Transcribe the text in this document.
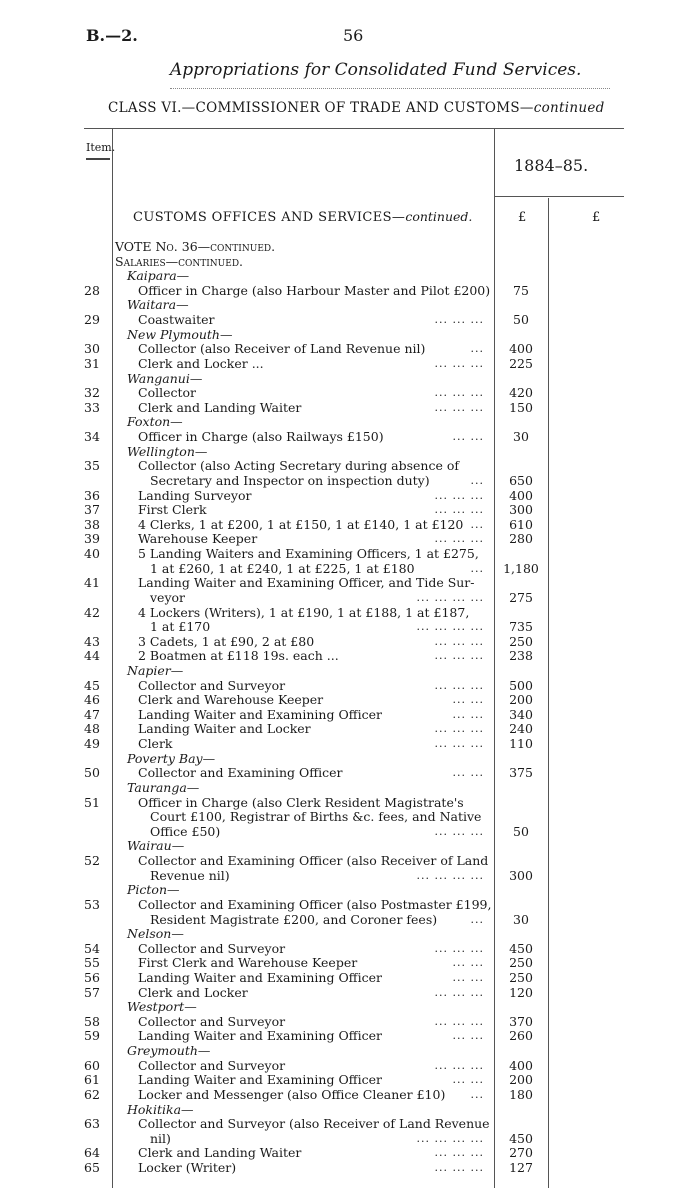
B.—2.	56
Appropriations for Consolidated Fund Services.
CLASS VI.—COMMISSIONER OF TRADE AND CUSTOMS—continued
Item.
1884–85.
CUSTOMS OFFICES AND SERVICES—continued.	£	£
VOTE No. 36—continued.
Salaries—continued.
Kaipara—
28	Officer in Charge (also Harbour Master and Pilot £200)	75
Waitara—
29	Coastwaiter	... ... ...	50
New Plymouth—
30	Collector (also Receiver of Land Revenue nil)	...	400
31	Clerk and Locker ...	... ... ...	225
Wanganui—
32	Collector	... ... ...	420
33	Clerk and Landing Waiter	... ... ...	150
Foxton—
34	Officer in Charge (also Railways £150)	... ...	30
Wellington—
35	Collector (also Acting Secretary during absence of
Secretary and Inspector on inspection duty)	...	650
36	Landing Surveyor	... ... ...	400
37	First Clerk	... ... ...	300
38	4 Clerks, 1 at £200, 1 at £150, 1 at £140, 1 at £120 ...	610
39	Warehouse Keeper	... ... ...	280
40	5 Landing Waiters and Examining Officers, 1 at £275,
1 at £260, 1 at £240, 1 at £225, 1 at £180	...	1,180
41	Landing Waiter and Examining Officer, and Tide Sur-
veyor	... ... ... ...	275
42	4 Lockers (Writers), 1 at £190, 1 at £188, 1 at £187,
1 at £170	... ... ... ...	735
43	3 Cadets, 1 at £90, 2 at £80	... ... ...	250
44	2 Boatmen at £118 19s. each ...	... ... ...	238
Napier—
45	Collector and Surveyor	... ... ...	500
46	Clerk and Warehouse Keeper	... ...	200
47	Landing Waiter and Examining Officer	... ...	340
48	Landing Waiter and Locker	... ... ...	240
49	Clerk	... ... ...	110
Poverty Bay—
50	Collector and Examining Officer	... ...	375
Tauranga—
51	Officer in Charge (also Clerk Resident Magistrate's
Court £100, Registrar of Births &c. fees, and Native
Office £50)	... ... ...	50
Wairau—
52	Collector and Examining Officer (also Receiver of Land
Revenue nil)	... ... ... ...	300
Picton—
53	Collector and Examining Officer (also Postmaster £199,
Resident Magistrate £200, and Coroner fees)	...	30
Nelson—
54	Collector and Surveyor	... ... ...	450
55	First Clerk and Warehouse Keeper	... ...	250
56	Landing Waiter and Examining Officer	... ...	250
57	Clerk and Locker	... ... ...	120
Westport—
58	Collector and Surveyor	... ... ...	370
59	Landing Waiter and Examining Officer	... ...	260
Greymouth—
60	Collector and Surveyor	... ... ...	400
61	Landing Waiter and Examining Officer	... ...	200
62	Locker and Messenger (also Office Cleaner £10) ...	180
Hokitika—
63	Collector and Surveyor (also Receiver of Land Revenue
nil)	... ... ... ...	450
64	Clerk and Landing Waiter	... ... ...	270
65	Locker (Writer)	... ... ...	127
